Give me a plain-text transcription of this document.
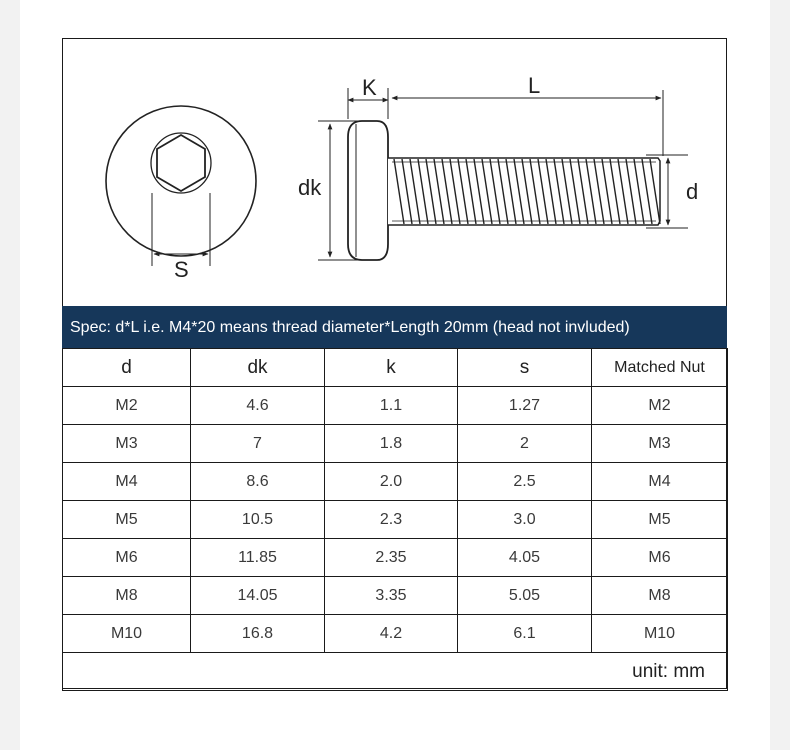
S
K	L
dk	d
Spec: d*L i.e. M4*20 means thread diameter*Length 20mm (head not invluded)
d	dk	k	s	Matched Nut
M2	4.6	1.1	1.27	M2
M3	7	1.8	2	M3
M4	8.6	2.0	2.5	M4
M5	10.5	2.3	3.0	M5
M6	11.85	2.35	4.05	M6
M8	14.05	3.35	5.05	M8
M10	16.8	4.2	6.1	M10
unit: mm				
